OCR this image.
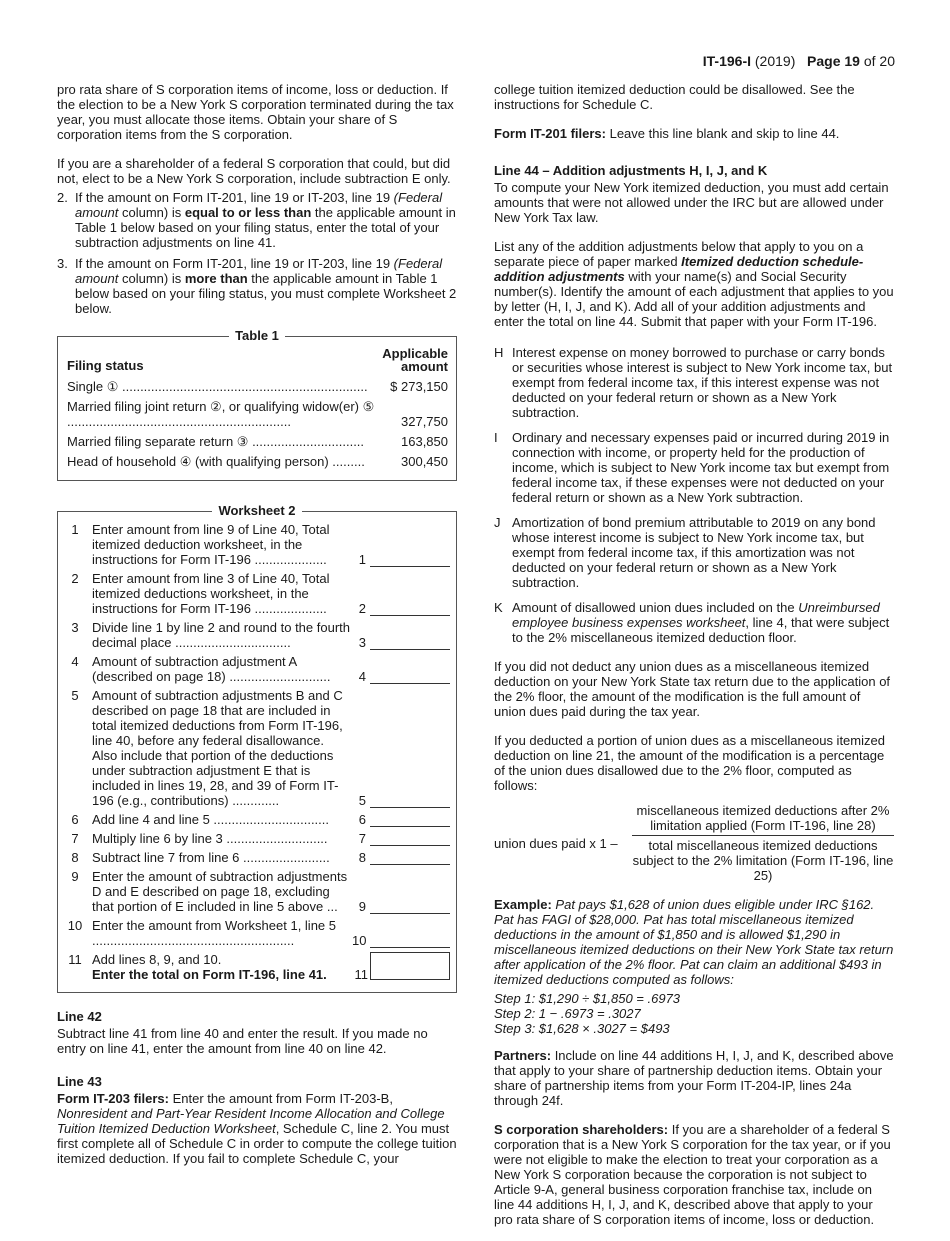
IT-196-I (2019) Page 19 of 20

pro rata share of S corporation items of income, loss or deduction. If the election to be a New York S corporation terminated during the tax year, you must allocate those items. Obtain your share of S corporation items from the S corporation.

If you are a shareholder of a federal S corporation that could, but did not, elect to be a New York S corporation, include subtraction E only.

2. If the amount on Form IT-201, line 19 or IT-203, line 19 (Federal amount column) is equal to or less than the applicable amount in Table 1 below based on your filing status, enter the total of your subtraction adjustments on line 41.
3. If the amount on Form IT-201, line 19 or IT-203, line 19 (Federal amount column) is more than the applicable amount in Table 1 below based on your filing status, you must complete Worksheet 2 below.
Table 1
Filing status
Applicable
amount
Single ① ....................................................................	$ 273,150
Married filing joint return ②, or qualifying widow(er) ⑤ ..............................................................	327,750
Married filing separate return ③ ...............................	163,850
Head of household ④ (with qualifying person) .........	300,450
Worksheet 2
1	Enter amount from line 9 of Line 40, Total itemized deduction worksheet, in the instructions for Form IT-196 ....................	1
2	Enter amount from line 3 of Line 40, Total itemized deductions worksheet, in the instructions for Form IT-196 ....................	2
3	Divide line 1 by line 2 and round to the fourth decimal place ................................	3
4	Amount of subtraction adjustment A (described on page 18) ............................	4
5	Amount of subtraction adjustments B and C described on page 18 that are included in total itemized deductions from Form IT-196, line 40, before any federal disallowance. Also include that portion of the deductions under subtraction adjustment E that is included in lines 19, 28, and 39 of Form IT-196 (e.g., contributions) .............	5
6	Add line 4 and line 5 ................................	6
7	Multiply line 6 by line 3 ............................	7
8	Subtract line 7 from line 6 ........................	8
9	Enter the amount of subtraction adjustments D and E described on page 18, excluding that portion of E included in line 5 above ...	9
10 Enter the amount from Worksheet 1, line 5 ........................................................	10
11 Add lines 8, 9, and 10.
Enter the total on Form IT-196, line 41.	11

Line 42

Subtract line 41 from line 40 and enter the result. If you made no entry on line 41, enter the amount from line 40 on line 42.

Line 43

Form IT-203 filers: Enter the amount from Form IT-203-B, Nonresident and Part-Year Resident Income Allocation and College Tuition Itemized Deduction Worksheet, Schedule C, line 2. You must first complete all of Schedule C in order to compute the college tuition itemized deduction. If you fail to complete Schedule C, your

college tuition itemized deduction could be disallowed. See the instructions for Schedule C.

Form IT-201 filers: Leave this line blank and skip to line 44.

Line 44 – Addition adjustments H, I, J, and K

To compute your New York itemized deduction, you must add certain amounts that were not allowed under the IRC but are allowed under New York Tax law.

List any of the addition adjustments below that apply to you on a separate piece of paper marked Itemized deduction schedule-addition adjustments with your name(s) and Social Security number(s). Identify the amount of each adjustment that applies to you by letter (H, I, J, and K). Add all of your addition adjustments and enter the total on line 44. Submit that paper with your Form IT-196.

H Interest expense on money borrowed to purchase or carry bonds or securities whose interest is subject to New York income tax, but exempt from federal income tax, if this interest expense was not deducted on your federal return or shown as a New York subtraction.
I	Ordinary and necessary expenses paid or incurred during 2019 in connection with income, or property held for the production of income, which is subject to New York income tax but exempt from federal income tax, if these expenses were not deducted on your federal return or shown as a New York subtraction.
J Amortization of bond premium attributable to 2019 on any bond whose interest income is subject to New York income tax, but exempt from federal income tax, if this amortization was not deducted on your federal return or shown as a New York subtraction.
K Amount of disallowed union dues included on the Unreimbursed employee business expenses worksheet, line 4, that were subject to the 2% miscellaneous itemized deduction floor.

If you did not deduct any union dues as a miscellaneous itemized deduction on your New York State tax return due to the application of the 2% floor, the amount of the modification is the full amount of union dues paid during the tax year.

If you deducted a portion of union dues as a miscellaneous itemized deduction on line 21, the amount of the modification is a percentage of the union dues disallowed due to the 2% floor, computed as follows:

union dues paid x 1 –
miscellaneous itemized deductions after 2% limitation applied (Form IT-196, line 28)
total miscellaneous itemized deductions subject to the 2% limitation (Form IT-196, line 25)

Example: Pat pays $1,628 of union dues eligible under IRC §162. Pat has FAGI of $28,000. Pat has total miscellaneous itemized deductions in the amount of $1,850 and is allowed $1,290 in miscellaneous itemized deductions on their New York State tax return after application of the 2% floor. Pat can claim an additional $493 in itemized deductions computed as follows:

Step 1: $1,290 ÷ $1,850 = .6973
Step 2: 1 − .6973 = .3027
Step 3: $1,628 × .3027 = $493

Partners: Include on line 44 additions H, I, J, and K, described above that apply to your share of partnership deduction items. Obtain your share of partnership items from your Form IT-204-IP, lines 24a through 24f.

S corporation shareholders: If you are a shareholder of a federal S corporation that is a New York S corporation for the tax year, or if you were not eligible to make the election to treat your corporation as a New York S corporation because the corporation is not subject to Article 9-A, general business corporation franchise tax, include on line 44 additions H, I, J, and K, described above that apply to your pro rata share of S corporation items of income, loss or deduction.
